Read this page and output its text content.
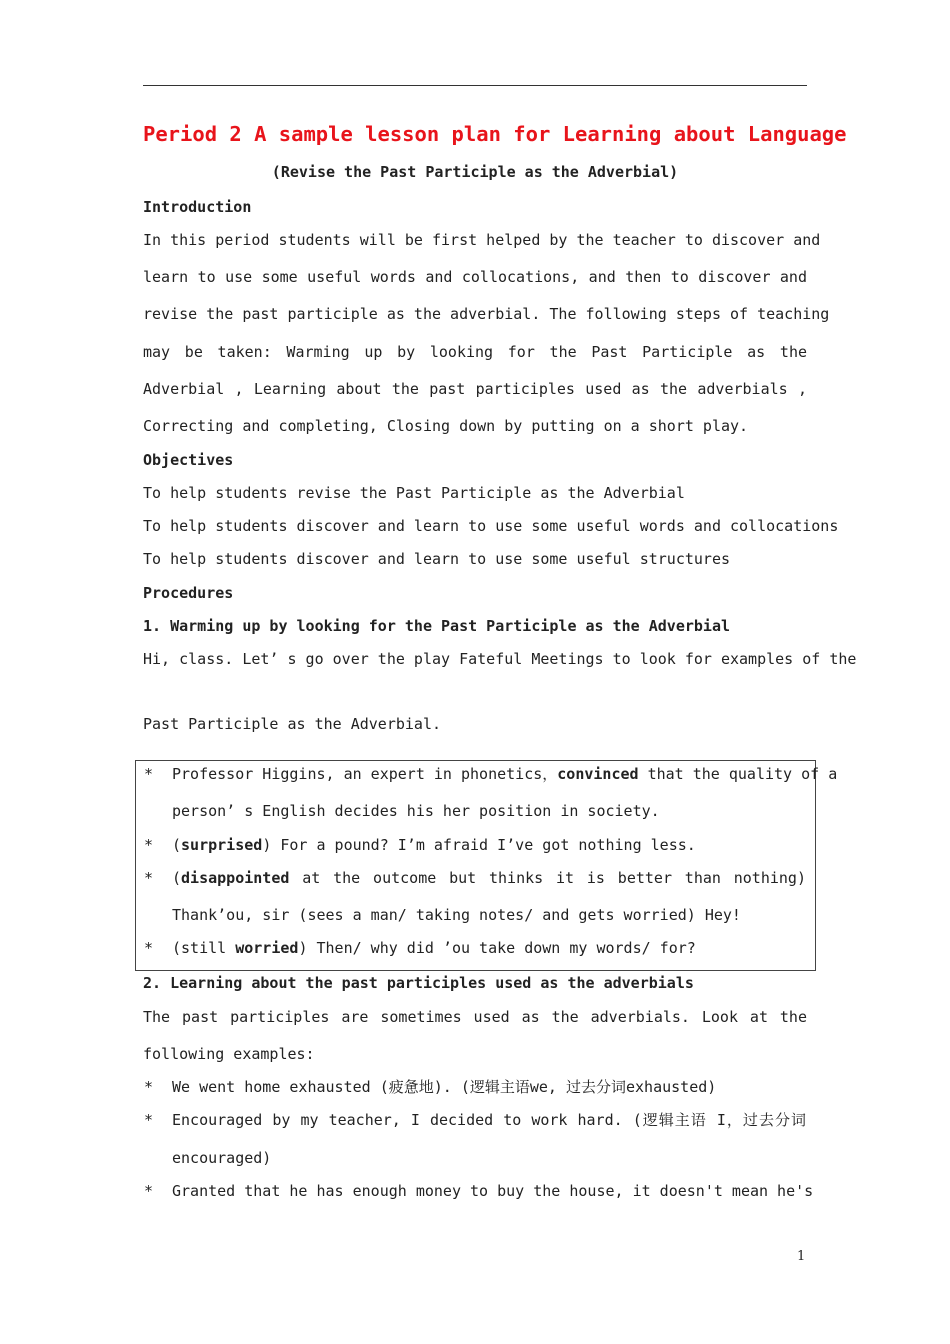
Period 2 A sample lesson plan for Learning about Language
(Revise the Past Participle as the Adverbial)
Introduction
In this period students will be first helped by the teacher to discover and
learn to use some useful words and collocations, and then to discover and
revise the past participle as the adverbial. The following steps of teaching
may be taken: Warming up by looking for the Past Participle as the
Adverbial , Learning about the past participles used as the adverbials ,
Correcting and completing, Closing down by putting on a short play.
Objectives
To help students revise the Past Participle as the Adverbial
To help students discover and learn to use some useful words and collocations
To help students discover and learn to use some useful structures
Procedures
1. Warming up by looking for the Past Participle as the Adverbial
Hi, class. Let’ s go over the play Fateful Meetings to look for examples of the
Past Participle as the Adverbial.
* Professor Higgins, an expert in phonetics，convinced that the quality of a
person’ s English decides his her position in society.
* (surprised) For a pound? I’m afraid I’ve got nothing less.
* (disappointed at the outcome but thinks it is better than nothing)
Thank’ou, sir (sees a man/ taking notes/ and gets worried) Hey!
* (still worried) Then/ why did ’ou take down my words/ for?
2. Learning about the past participles used as the adverbials
The past participles are sometimes used as the adverbials. Look at the
following examples:
* We went home exhausted (疲惫地). (逻辑主语we, 过去分词exhausted)
* Encouraged by my teacher, I decided to work hard. (逻辑主语 I，过去分词
encouraged)
* Granted that he has enough money to buy the house, it doesn't mean he's
1
